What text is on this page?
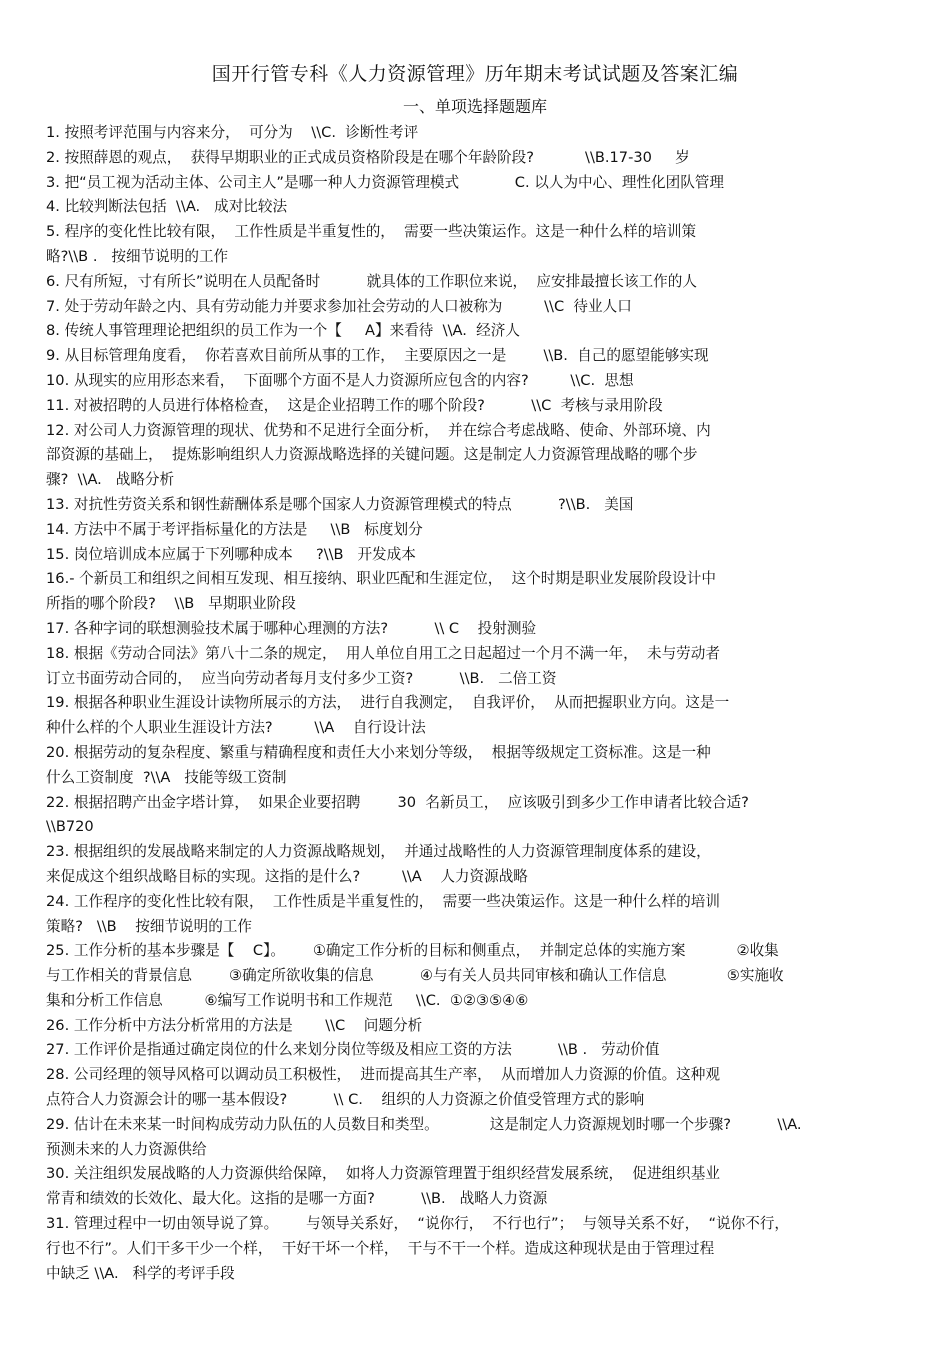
国开行管专科《人力资源管理》历年期末考试试题及答案汇编
一、单项选择题题库
1. 按照考评范围与内容来分，  可分为    \\C.  诊断性考评
2. 按照薛恩的观点，  获得早期职业的正式成员资格阶段是在哪个年龄阶段?           \\B.17-30     岁
3. 把“员工视为活动主体、公司主人”是哪一种人力资源管理模式            C. 以人为中心、理性化团队管理
4. 比较判断法包括  \\A.   成对比较法
5. 程序的变化性比较有限，  工作性质是半重复性的，  需要一些决策运作。这是一种什么样的培训策
略?\\B .   按细节说明的工作
6. 尺有所短，寸有所长”说明在人员配备时          就具体的工作职位来说，  应安排最擅长该工作的人
7. 处于劳动年龄之内、具有劳动能力并要求参加社会劳动的人口被称为         \\C  待业人口
8. 传统人事管理理论把组织的员工作为一个【     A】来看待  \\A.  经济人
9. 从目标管理角度看，  你若喜欢目前所从事的工作，  主要原因之一是        \\B.  自己的愿望能够实现
10. 从现实的应用形态来看，  下面哪个方面不是人力资源所应包含的内容?         \\C.  思想
11. 对被招聘的人员进行体格检查，  这是企业招聘工作的哪个阶段?          \\C  考核与录用阶段
12. 对公司人力资源管理的现状、优势和不足进行全面分析，  并在综合考虑战略、使命、外部环境、内
部资源的基础上，  提炼影响组织人力资源战略选择的关键问题。这是制定人力资源管理战略的哪个步
骤?  \\A.   战略分析
13. 对抗性劳资关系和钢性薪酬体系是哪个国家人力资源管理模式的特点          ?\\B.   美国
14. 方法中不属于考评指标量化的方法是     \\B   标度划分
15. 岗位培训成本应属于下列哪种成本     ?\\B   开发成本
16.- 个新员工和组织之间相互发现、相互接纳、职业匹配和生涯定位，  这个时期是职业发展阶段设计中
所指的哪个阶段?    \\B   早期职业阶段
17. 各种字词的联想测验技术属于哪种心理测的方法?          \\ C    投射测验
18. 根据《劳动合同法》第八十二条的规定，  用人单位自用工之日起超过一个月不满一年，  未与劳动者
订立书面劳动合同的，  应当向劳动者每月支付多少工资?          \\B.   二倍工资
19. 根据各种职业生涯设计读物所展示的方法，  进行自我测定，  自我评价，  从而把握职业方向。这是一
种什么样的个人职业生涯设计方法?         \\A    自行设计法
20. 根据劳动的复杂程度、繁重与精确程度和责任大小来划分等级，  根据等级规定工资标准。这是一种
什么工资制度  ?\\A   技能等级工资制
22. 根据招聘产出金字塔计算，  如果企业要招聘        30  名新员工，  应该吸引到多少工作申请者比较合适?
\\B720
23. 根据组织的发展战略来制定的人力资源战略规划，  并通过战略性的人力资源管理制度体系的建设，
来促成这个组织战略目标的实现。这指的是什么?         \\A    人力资源战略
24. 工作程序的变化性比较有限，  工作性质是半重复性的，  需要一些决策运作。这是一种什么样的培训
策略?   \\B    按细节说明的工作
25. 工作分析的基本步骤是【    C】。      ①确定工作分析的目标和侧重点，  并制定总体的实施方案           ②收集
与工作相关的背景信息        ③确定所欲收集的信息          ④与有关人员共同审核和确认工作信息             ⑤实施收
集和分析工作信息         ⑥编写工作说明书和工作规范     \\C.  ①②③⑤④⑥
26. 工作分析中方法分析常用的方法是       \\C    问题分析
27. 工作评价是指通过确定岗位的什么来划分岗位等级及相应工资的方法          \\B .   劳动价值
28. 公司经理的领导风格可以调动员工积极性，  进而提高其生产率，  从而增加人力资源的价值。这种观
点符合人力资源会计的哪一基本假设?          \\ C.    组织的人力资源之价值受管理方式的影响
29. 估计在未来某一时间构成劳动力队伍的人员数目和类型。           这是制定人力资源规划时哪一个步骤?          \\A.
预测未来的人力资源供给
30. 关注组织发展战略的人力资源供给保障，  如将人力资源管理置于组织经营发展系统，  促进组织基业
常青和绩效的长效化、最大化。这指的是哪一方面?          \\B.   战略人力资源
31. 管理过程中一切由领导说了算。      与领导关系好，  “说你行，  不行也行”；  与领导关系不好，  “说你不行，
行也不行”。人们干多干少一个样，  干好干坏一个样，  干与不干一个样。造成这种现状是由于管理过程
中缺乏 \\A.   科学的考评手段
